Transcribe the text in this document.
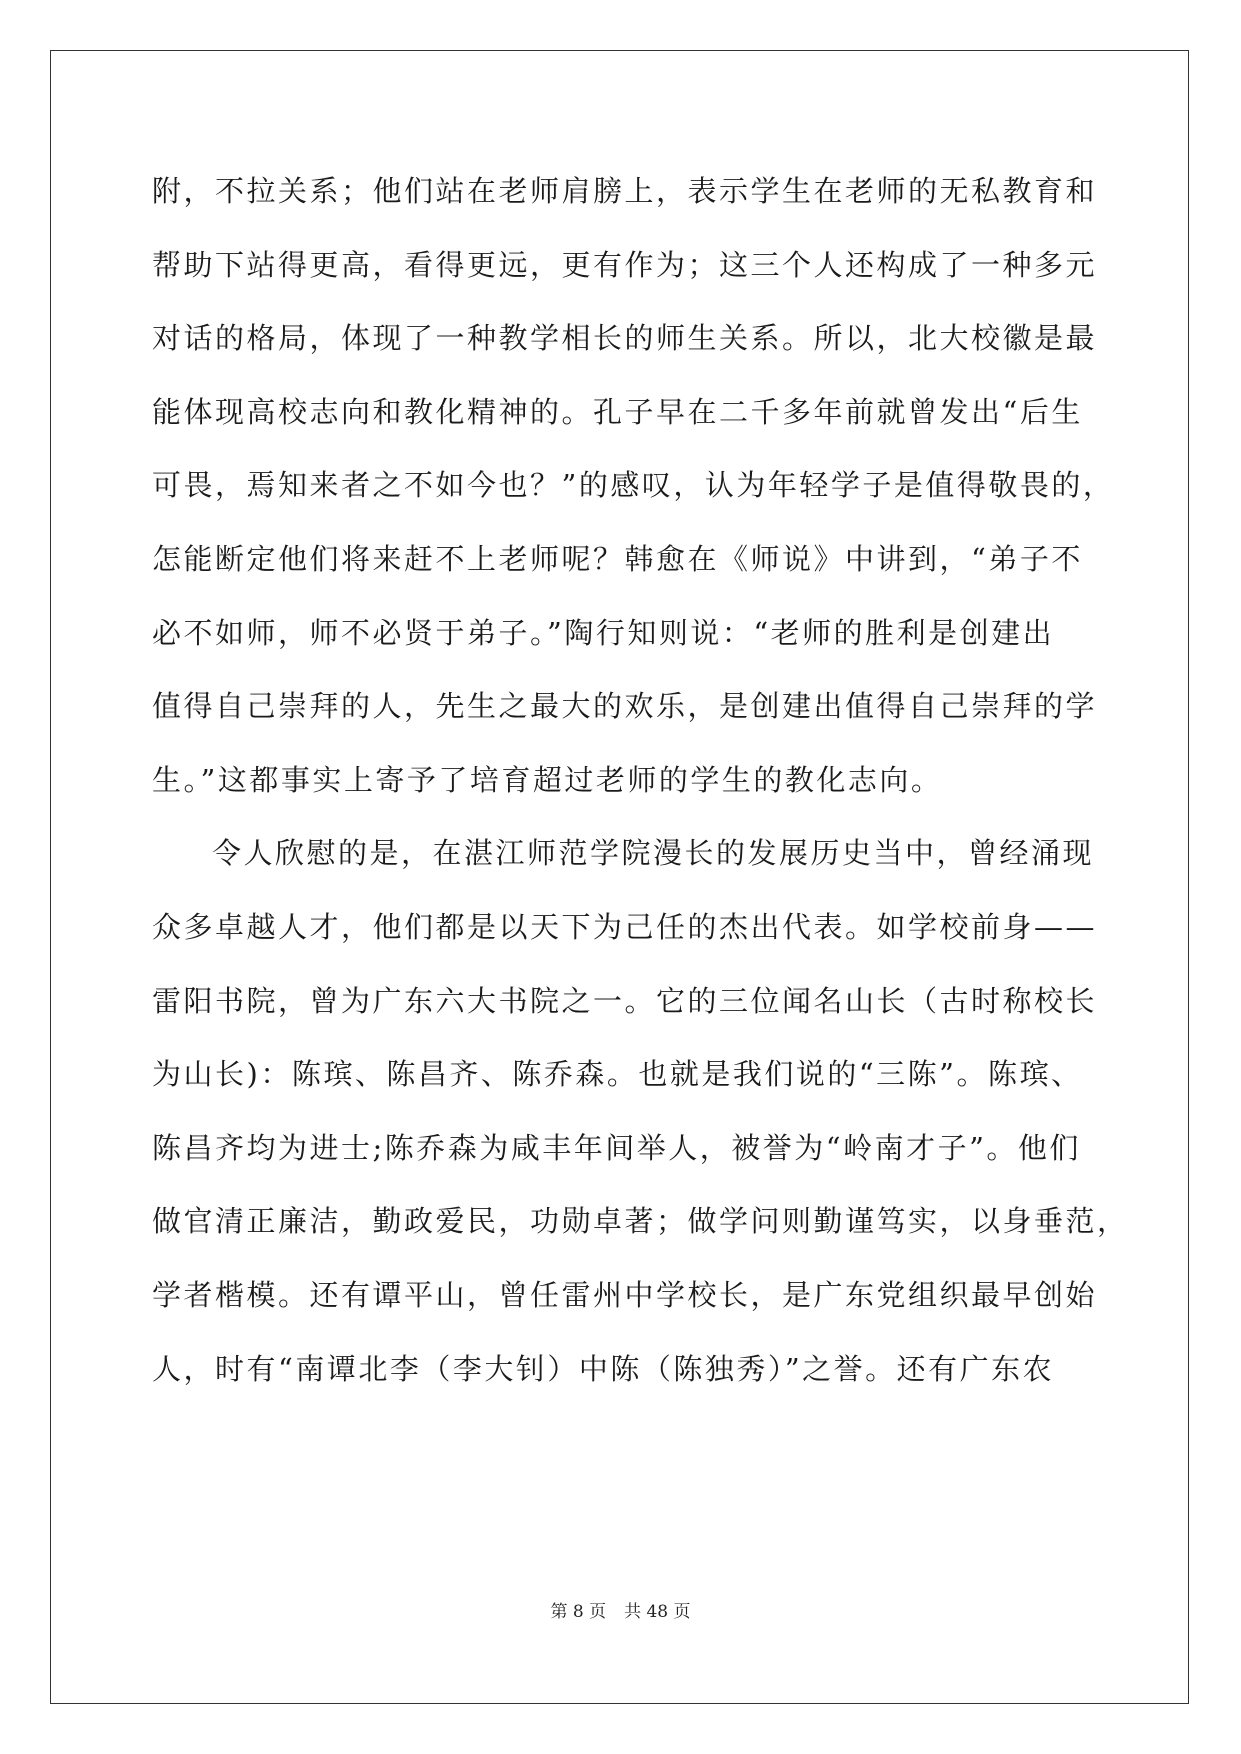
附，不拉关系；他们站在老师肩膀上，表示学生在老师的无私教育和
帮助下站得更高，看得更远，更有作为；这三个人还构成了一种多元
对话的格局，体现了一种教学相长的师生关系。所以，北大校徽是最
能体现高校志向和教化精神的。孔子早在二千多年前就曾发出“后生
可畏，焉知来者之不如今也？”的感叹，认为年轻学子是值得敬畏的，
怎能断定他们将来赶不上老师呢？韩愈在《师说》中讲到，“弟子不
必不如师，师不必贤于弟子。”陶行知则说：“老师的胜利是创建出
值得自己崇拜的人，先生之最大的欢乐，是创建出值得自己崇拜的学
生。”这都事实上寄予了培育超过老师的学生的教化志向。
令人欣慰的是，在湛江师范学院漫长的发展历史当中，曾经涌现
众多卓越人才，他们都是以天下为己任的杰出代表。如学校前身——
雷阳书院，曾为广东六大书院之一。它的三位闻名山长（古时称校长
为山长)：陈瑸、陈昌齐、陈乔森。也就是我们说的“三陈”。陈瑸、
陈昌齐均为进士;陈乔森为咸丰年间举人，被誉为“岭南才子”。他们
做官清正廉洁，勤政爱民，功勋卓著；做学问则勤谨笃实，以身垂范，
学者楷模。还有谭平山，曾任雷州中学校长，是广东党组织最早创始
人，时有“南谭北李（李大钊）中陈（陈独秀）”之誉。还有广东农
第 8 页 共 48 页
